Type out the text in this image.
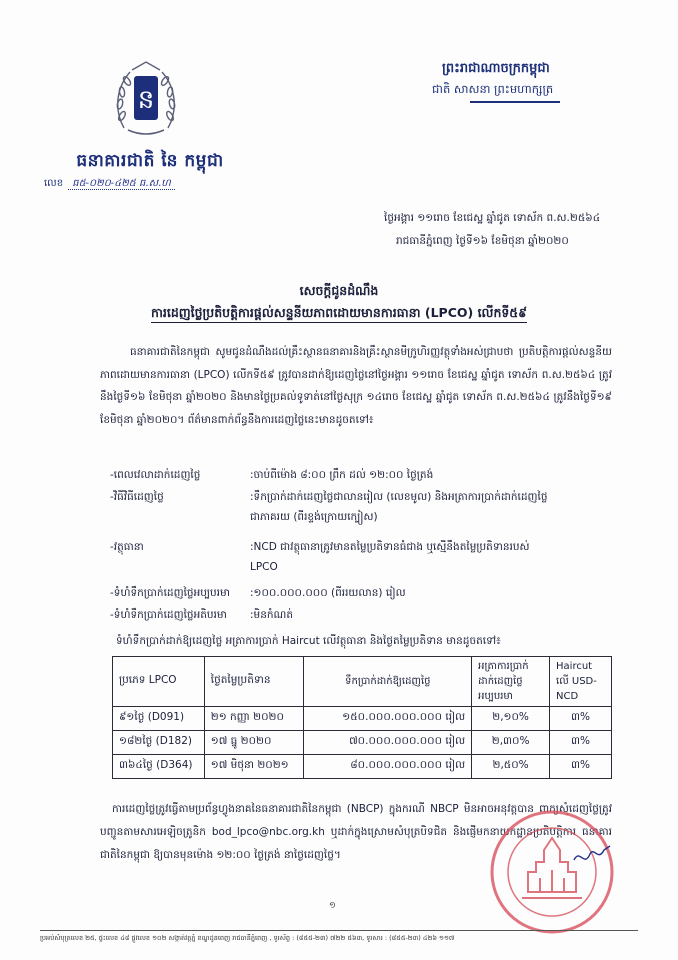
ន
ធនាគារជាតិ នៃ កម្ពុជា
លេខ ធ៥-០២០-៤២៥ ធ.ស.ហ
ព្រះរាជាណាចក្រកម្ពុជា
ជាតិ សាសនា ព្រះមហាក្សត្រ
ថ្ងៃអង្គារ ១១រោច ខែជេស្ឋ ឆ្នាំជូត ទោស័ក ព.ស.២៥៦៤
រាជធានីភ្នំពេញ ថ្ងៃទី១៦ ខែមិថុនា ឆ្នាំ២០២០
សេចក្តីជូនដំណឹង
ការដេញថ្លៃប្រតិបត្តិការផ្តល់សន្ទនីយភាពដោយមានការធានា (LPCO) លើកទី៥៩

ធនាគារជាតិនៃកម្ពុជា សូមជូនដំណឹងដល់គ្រឹះស្ថានធនាគារនិងគ្រឹះស្ថានមីក្រូហិរញ្ញវត្ថុទាំងអស់ជ្រាបថា ប្រតិបត្តិការផ្តល់សន្ទនីយភាពដោយមានការធានា (LPCO) លើកទី៥៩ ត្រូវបានដាក់ឱ្យដេញថ្លៃនៅថ្ងៃអង្គារ ១១រោច ខែជេស្ឋ ឆ្នាំជូត ទោស័ក ព.ស.២៥៦៤ ត្រូវនឹងថ្ងៃទី១៦ ខែមិថុនា ឆ្នាំ២០២០ និងមានថ្ងៃប្រគល់ទូទាត់នៅថ្ងៃសុក្រ ១៤រោច ខែជេស្ឋ ឆ្នាំជូត ទោស័ក ព.ស.២៥៦៤ ត្រូវនឹងថ្ងៃទី១៩ ខែមិថុនា ឆ្នាំ២០២០។ ព័ត៌មានពាក់ព័ន្ធនឹងការដេញថ្លៃនេះមានដូចតទៅ៖

-ពេលវេលាដាក់ដេញថ្លៃ	:ចាប់ពីម៉ោង ៨:០០ ព្រឹក ដល់ ១២:០០ ថ្ងៃត្រង់
-វិធីវិធីដេញថ្លៃ	:ទឹកប្រាក់ដាក់ដេញថ្លៃជាលានរៀល (លេខមូល) និងអត្រាការប្រាក់ដាក់ដេញថ្លៃជាភាគរយ (ពីរខ្ទង់ក្រោយក្បៀស)
-វត្ថុធានា	:NCD ជាវត្ថុធានាត្រូវមានតម្លៃប្រតិទានធំជាង ឬស្មើនឹងតម្លៃប្រតិទានរបស់ LPCO
-ទំហំទឹកប្រាក់ដេញថ្លៃអប្បបរមា	:១០០.០០០.០០០ (ពីររយលាន) រៀល
-ទំហំទឹកប្រាក់ដេញថ្លៃអតិបរមា	:មិនកំណត់
ទំហំទឹកប្រាក់ដាក់ឱ្យដេញថ្លៃ អត្រាការប្រាក់ Haircut លើវត្ថុធានា និងថ្ងៃតម្លៃប្រតិទាន មានដូចតទៅ៖
ប្រភេទ LPCO	ថ្ងៃតម្លៃប្រតិទាន	ទឹកប្រាក់ដាក់ឱ្យដេញថ្លៃ	អត្រាការប្រាក់ដាក់ដេញថ្លៃអប្បបរមា	Haircut លើ USD-NCD
៩១ថ្ងៃ (D091)	២១ កញ្ញា ២០២០	១៥០.០០០.០០០.០០០ រៀល	២,១០%	៣%
១៨២ថ្ងៃ (D182)	១៧ ធ្នូ ២០២០	៧០.០០០.០០០.០០០ រៀល	២,៣០%	៣%
៣៦៤ថ្ងៃ (D364)	១៧ មិថុនា ២០២១	៨០.០០០.០០០.០០០ រៀល	២,៥០%	៣%

ការដេញថ្លៃត្រូវធ្វើតាមប្រព័ន្ធហ្វូងនាគនៃធនាគារជាតិនៃកម្ពុជា (NBCP) ក្នុងករណី NBCP មិនអាចអនុវត្តបាន ពាក្យសុំដេញថ្លៃត្រូវបញ្ជូនតាមសារអេឡិចត្រូនិក bod_lpco@nbc.org.kh ឬដាក់ក្នុងស្រោមសំបុត្របិទជិត និងផ្ញើមកនាយកដ្ឋានប្រតិបត្តិការ ធនាគារជាតិនៃកម្ពុជា ឱ្យបានមុនម៉ោង ១២:០០ ថ្ងៃត្រង់ នាថ្ងៃដេញថ្លៃ។

១
ប្រអប់សំបុត្រលេខ ២៥, ផ្ទះលេខ ៤៨ ផ្លូវលេខ ១០២ សង្កាត់វត្តភ្នំ ខណ្ឌដូនពេញ រាជធានីភ្នំពេញ , ទូរស័ព្ទ : (៨៥៥-២៣) ៧២២ ៥៦៣, ទូរសារ : (៨៥៥-២៣) ៤២៦ ១១៧
